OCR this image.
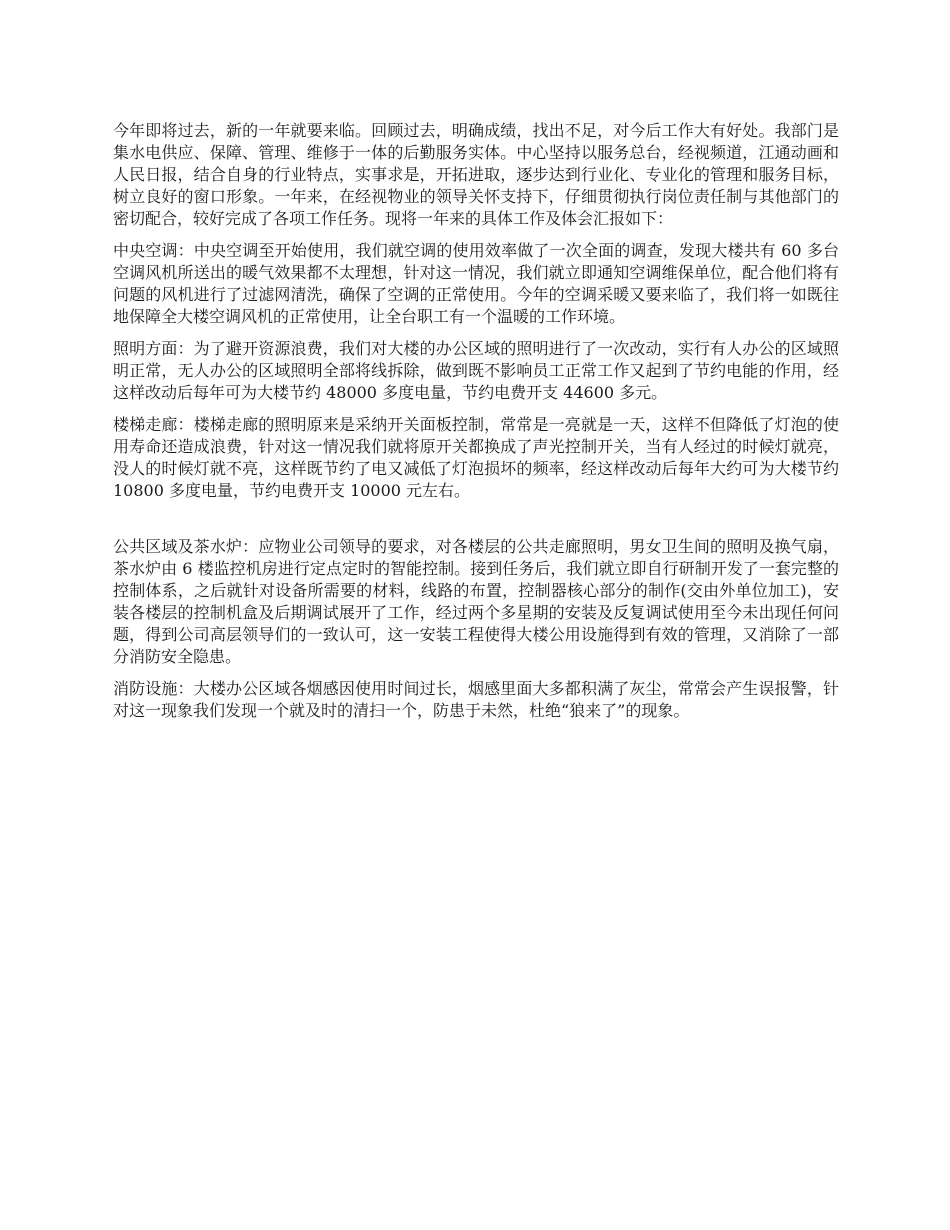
今年即将过去，新的一年就要来临。回顾过去，明确成绩，找出不足，对今后工作大有好处。我部门是集水电供应、保障、管理、维修于一体的后勤服务实体。中心坚持以服务总台，经视频道，江通动画和人民日报，结合自身的行业特点，实事求是，开拓进取，逐步达到行业化、专业化的管理和服务目标，树立良好的窗口形象。一年来，在经视物业的领导关怀支持下，仔细贯彻执行岗位责任制与其他部门的密切配合，较好完成了各项工作任务。现将一年来的具体工作及体会汇报如下：

中央空调：中央空调至开始使用，我们就空调的使用效率做了一次全面的调查，发现大楼共有 60 多台空调风机所送出的暖气效果都不太理想，针对这一情况，我们就立即通知空调维保单位，配合他们将有问题的风机进行了过滤网清洗，确保了空调的正常使用。今年的空调采暖又要来临了，我们将一如既往地保障全大楼空调风机的正常使用，让全台职工有一个温暖的工作环境。

照明方面：为了避开资源浪费，我们对大楼的办公区域的照明进行了一次改动，实行有人办公的区域照明正常，无人办公的区域照明全部将线拆除，做到既不影响员工正常工作又起到了节约电能的作用，经这样改动后每年可为大楼节约 48000 多度电量，节约电费开支 44600 多元。

楼梯走廊：楼梯走廊的照明原来是采纳开关面板控制，常常是一亮就是一天，这样不但降低了灯泡的使用寿命还造成浪费，针对这一情况我们就将原开关都换成了声光控制开关，当有人经过的时候灯就亮，没人的时候灯就不亮，这样既节约了电又减低了灯泡损坏的频率，经这样改动后每年大约可为大楼节约 10800 多度电量，节约电费开支 10000 元左右。

公共区域及茶水炉：应物业公司领导的要求，对各楼层的公共走廊照明，男女卫生间的照明及换气扇，茶水炉由 6 楼监控机房进行定点定时的智能控制。接到任务后，我们就立即自行研制开发了一套完整的控制体系，之后就针对设备所需要的材料，线路的布置，控制器核心部分的制作(交由外单位加工)，安装各楼层的控制机盒及后期调试展开了工作，经过两个多星期的安装及反复调试使用至今未出现任何问题，得到公司高层领导们的一致认可，这一安装工程使得大楼公用设施得到有效的管理，又消除了一部分消防安全隐患。

消防设施：大楼办公区域各烟感因使用时间过长，烟感里面大多都积满了灰尘，常常会产生误报警，针对这一现象我们发现一个就及时的清扫一个，防患于未然，杜绝“狼来了”的现象。
